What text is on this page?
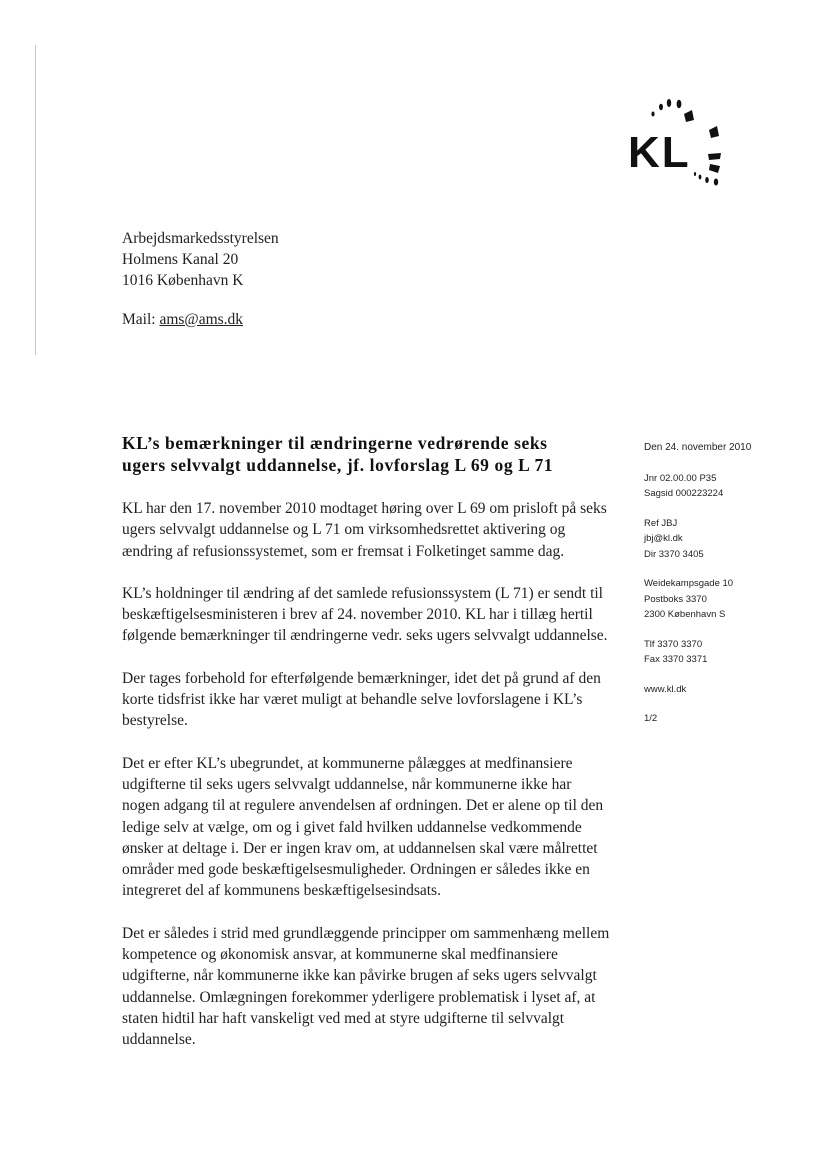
KL
Arbejdsmarkedsstyrelsen
Holmens Kanal 20
1016 København K
Mail: ams@ams.dk
KL’s bemærkninger til ændringerne vedrørende seks ugers selvvalgt uddannelse, jf. lovforslag L 69 og L 71

KL har den 17. november 2010 modtaget høring over L 69 om prisloft på seks ugers selvvalgt uddannelse og L 71 om virksomhedsrettet aktivering og ændring af refusionssystemet, som er fremsat i Folketinget samme dag.

KL’s holdninger til ændring af det samlede refusionssystem (L 71) er sendt til beskæftigelsesministeren i brev af 24. november 2010. KL har i tillæg hertil følgende bemærkninger til ændringerne vedr. seks ugers selvvalgt uddannelse.

Der tages forbehold for efterfølgende bemærkninger, idet det på grund af den korte tidsfrist ikke har været muligt at behandle selve lovforslagene i KL’s bestyrelse.

Det er efter KL’s ubegrundet, at kommunerne pålægges at medfinansiere udgifterne til seks ugers selvvalgt uddannelse, når kommunerne ikke har nogen adgang til at regulere anvendelsen af ordningen. Det er alene op til den ledige selv at vælge, om og i givet fald hvilken uddannelse vedkommende ønsker at deltage i. Der er ingen krav om, at uddannelsen skal være målrettet områder med gode beskæftigelsesmuligheder. Ordningen er således ikke en integreret del af kommunens beskæftigelsesindsats.

Det er således i strid med grundlæggende principper om sammenhæng mellem kompetence og økonomisk ansvar, at kommunerne skal medfinansiere udgifterne, når kommunerne ikke kan påvirke brugen af seks ugers selvvalgt uddannelse. Omlægningen forekommer yderligere problematisk i lyset af, at staten hidtil har haft vanskeligt ved med at styre udgifterne til selvvalgt uddannelse.

Den 24. november 2010
Jnr 02.00.00 P35
Sagsid 000223224
Ref JBJ
jbj@kl.dk
Dir 3370 3405
Weidekampsgade 10
Postboks 3370
2300 København S
Tlf 3370 3370
Fax 3370 3371
www.kl.dk
1/2
